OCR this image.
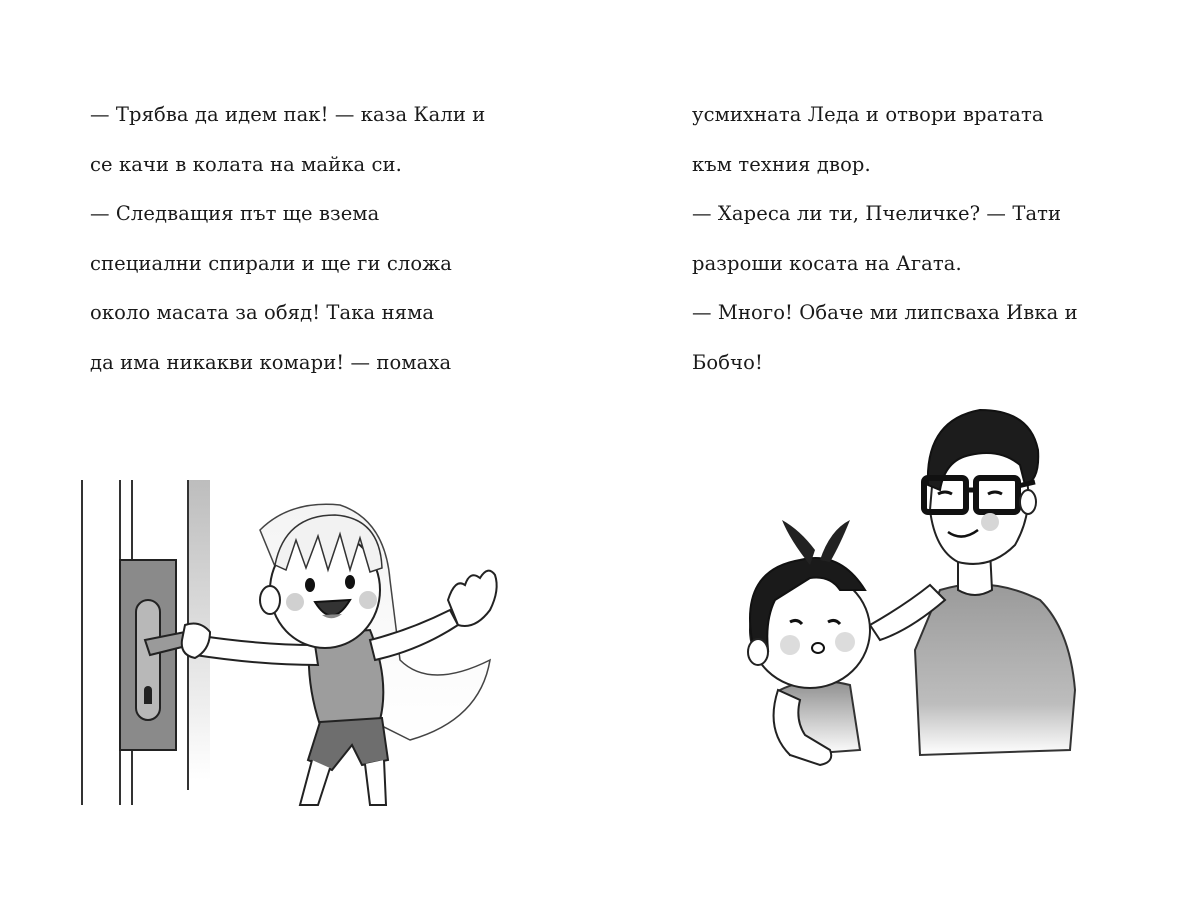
— Трябва да идем пак! — каза Кали и
се качи в колата на майка си.
— Следващия път ще взема
специални спирали и ще ги сложа
около масата за обяд! Така няма
да има никакви комари! — помаха
усмихната Леда и отвори вратата
към техния двор.
— Хареса ли ти, Пчеличке? — Тати
разроши косата на Агата.
— Много! Обаче ми липсваха Ивка и
Бобчо!
